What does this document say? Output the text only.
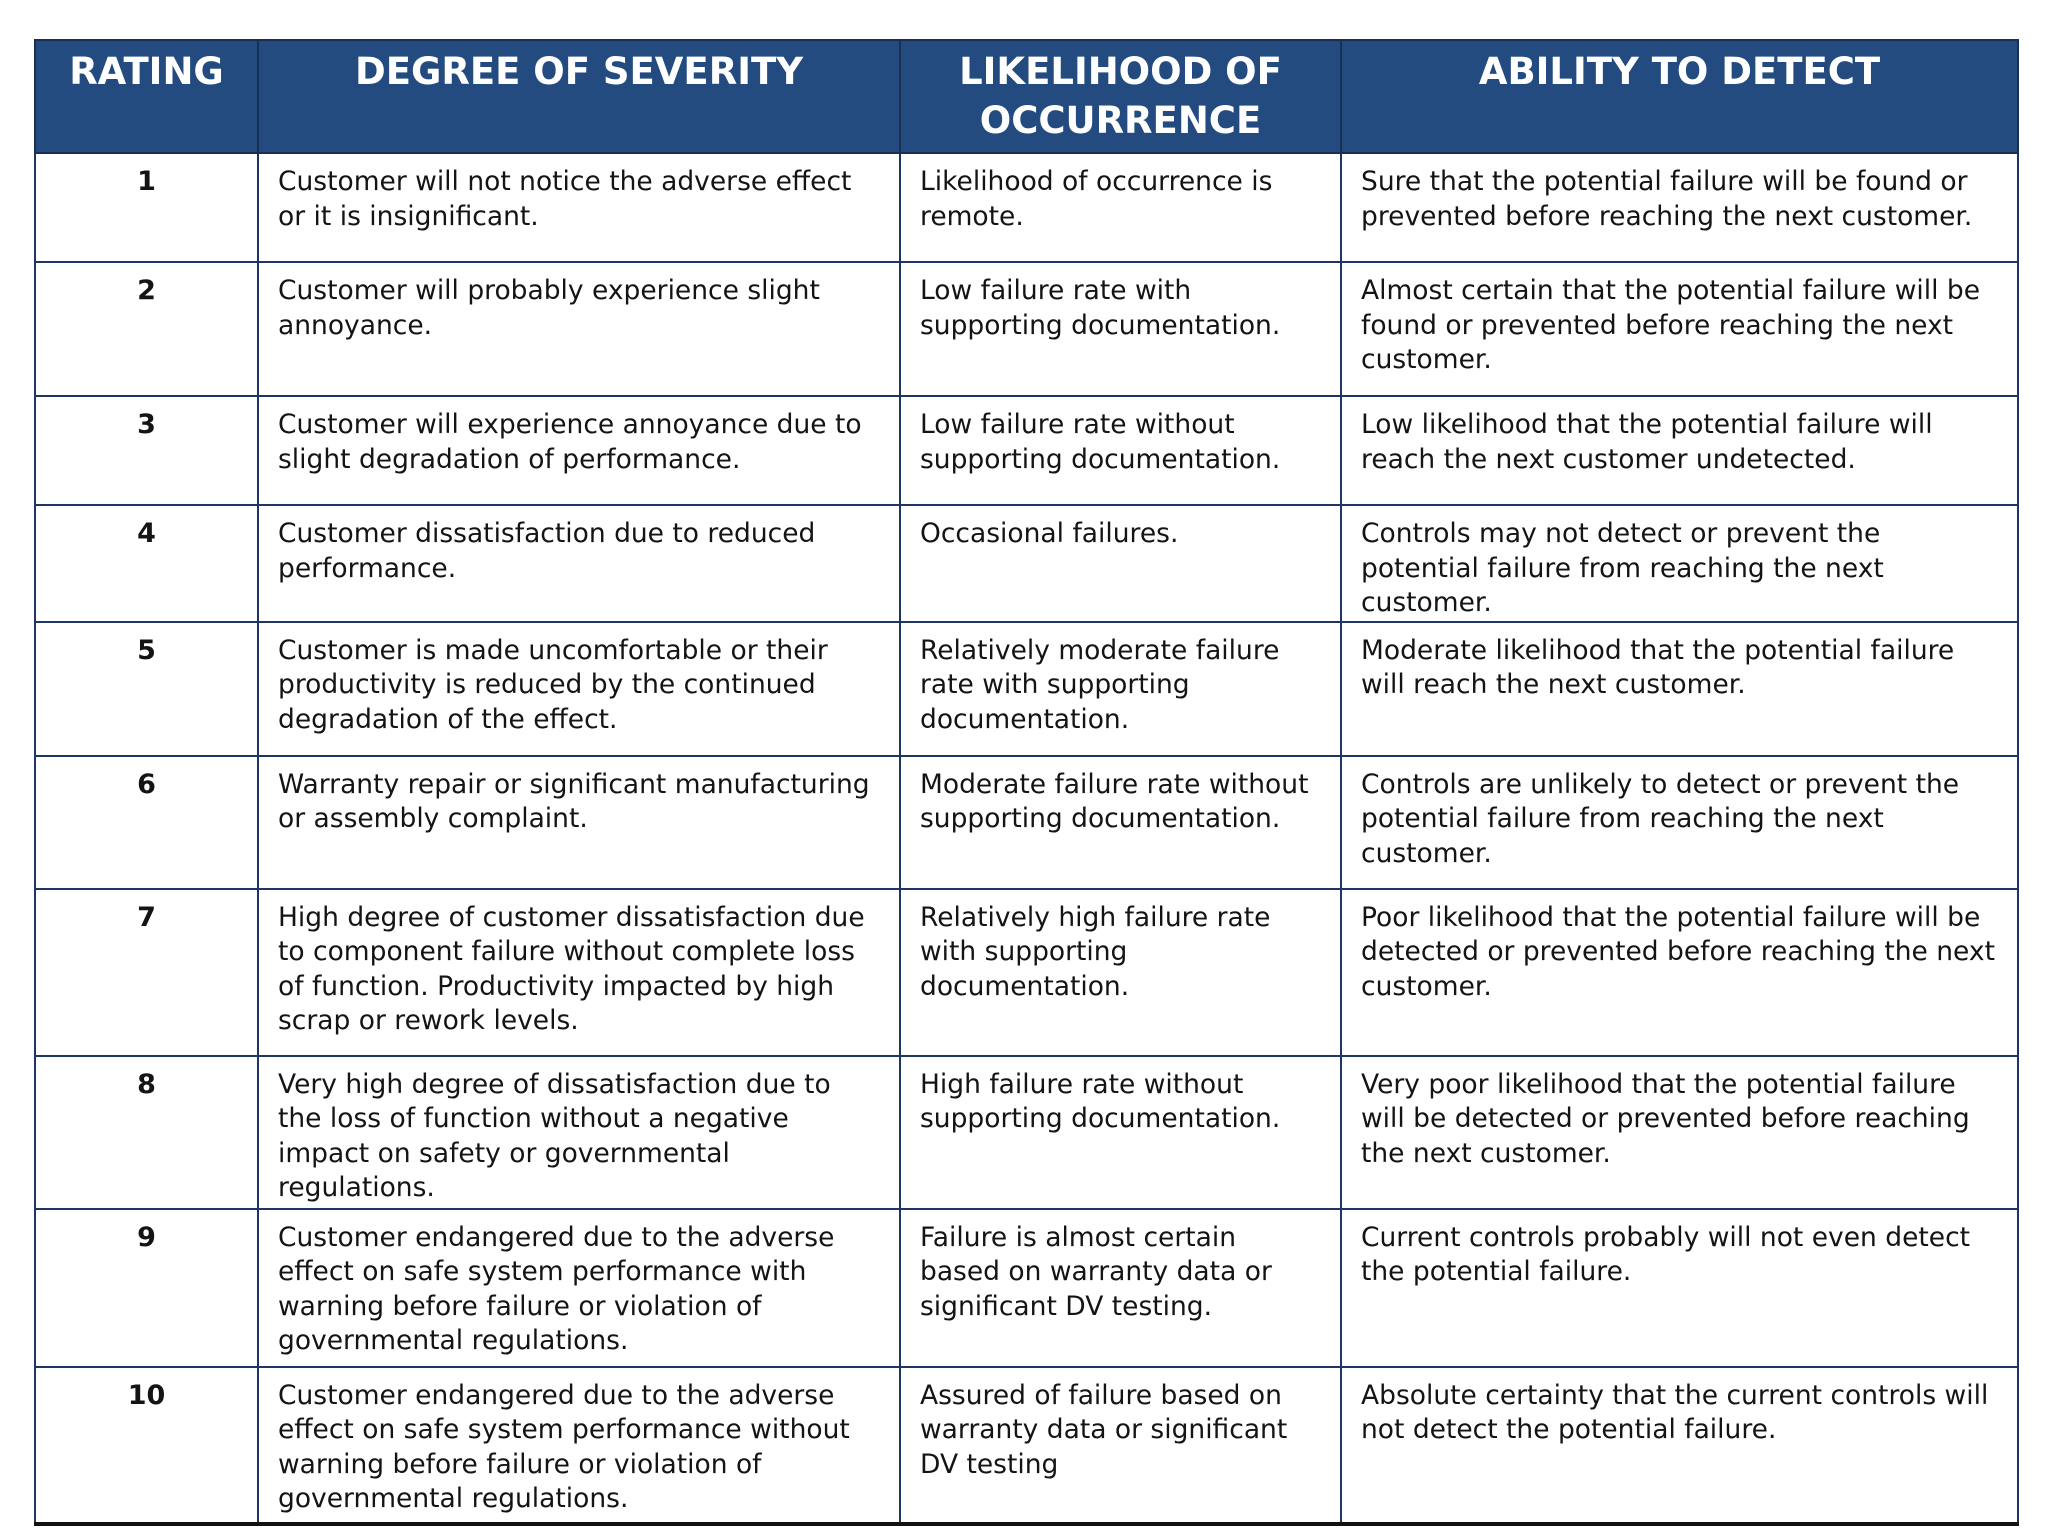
RATING	DEGREE OF SEVERITY	LIKELIHOOD OF OCCURRENCE	ABILITY TO DETECT
1	Customer will not notice the adverse effect or it is insignificant.	Likelihood of occurrence is remote.	Sure that the potential failure will be found or prevented before reaching the next customer.
2	Customer will probably experience slight annoyance.	Low failure rate with supporting documentation.	Almost certain that the potential failure will be found or prevented before reaching the next customer.
3	Customer will experience annoyance due to slight degradation of performance.	Low failure rate without supporting documentation.	Low likelihood that the potential failure will reach the next customer undetected.
4	Customer dissatisfaction due to reduced performance.	Occasional failures.	Controls may not detect or prevent the potential failure from reaching the next customer.
5	Customer is made uncomfortable or their productivity is reduced by the continued degradation of the effect.	Relatively moderate failure rate with supporting documentation.	Moderate likelihood that the potential failure will reach the next customer.
6	Warranty repair or significant manufacturing or assembly complaint.	Moderate failure rate without supporting documentation.	Controls are unlikely to detect or prevent the potential failure from reaching the next customer.
7	High degree of customer dissatisfaction due to component failure without complete loss of function. Productivity impacted by high scrap or rework levels.	Relatively high failure rate with supporting documentation.	Poor likelihood that the potential failure will be detected or prevented before reaching the next customer.
8	Very high degree of dissatisfaction due to the loss of function without a negative impact on safety or governmental regulations.	High failure rate without supporting documentation.	Very poor likelihood that the potential failure will be detected or prevented before reaching the next customer.
9	Customer endangered due to the adverse effect on safe system performance with warning before failure or violation of governmental regulations.	Failure is almost certain based on warranty data or significant DV testing.	Current controls probably will not even detect the potential failure.
10	Customer endangered due to the adverse effect on safe system performance without warning before failure or violation of governmental regulations.	Assured of failure based on warranty data or significant DV testing	Absolute certainty that the current controls will not detect the potential failure.
